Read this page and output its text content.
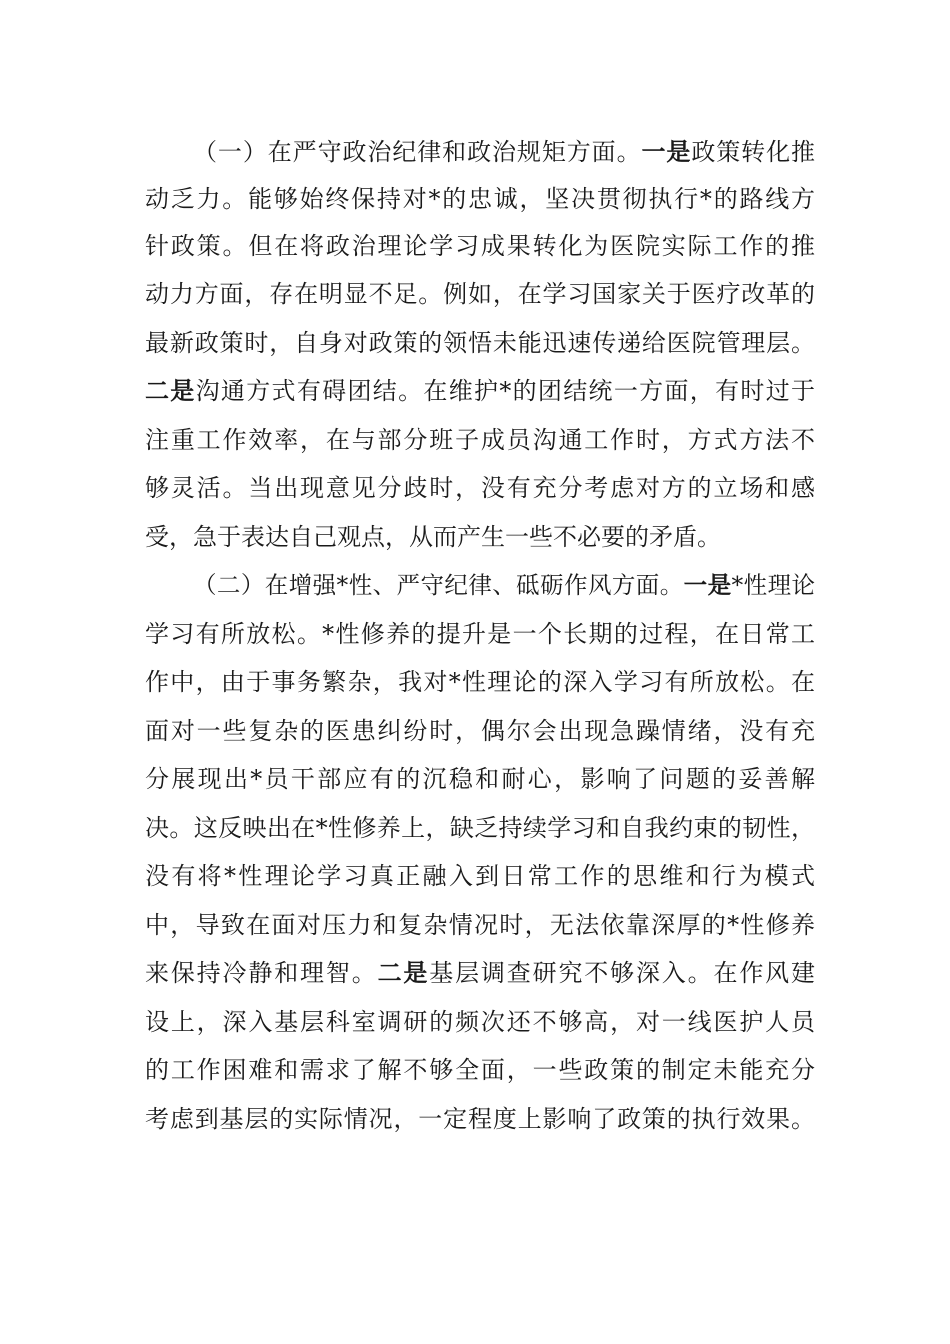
（一）在严守政治纪律和政治规矩方面。一是政策转化推
动乏力。能够始终保持对*的忠诚，坚决贯彻执行*的路线方
针政策。但在将政治理论学习成果转化为医院实际工作的推
动力方面，存在明显不足。例如，在学习国家关于医疗改革的
最新政策时，自身对政策的领悟未能迅速传递给医院管理层。
二是沟通方式有碍团结。在维护*的团结统一方面，有时过于
注重工作效率，在与部分班子成员沟通工作时，方式方法不
够灵活。当出现意见分歧时，没有充分考虑对方的立场和感
受，急于表达自己观点，从而产生一些不必要的矛盾。
（二）在增强*性、严守纪律、砥砺作风方面。一是*性理论
学习有所放松。*性修养的提升是一个长期的过程，在日常工
作中，由于事务繁杂，我对*性理论的深入学习有所放松。在
面对一些复杂的医患纠纷时，偶尔会出现急躁情绪，没有充
分展现出*员干部应有的沉稳和耐心，影响了问题的妥善解
决。这反映出在*性修养上，缺乏持续学习和自我约束的韧性，
没有将*性理论学习真正融入到日常工作的思维和行为模式
中，导致在面对压力和复杂情况时，无法依靠深厚的*性修养
来保持冷静和理智。二是基层调查研究不够深入。在作风建
设上，深入基层科室调研的频次还不够高，对一线医护人员
的工作困难和需求了解不够全面，一些政策的制定未能充分
考虑到基层的实际情况，一定程度上影响了政策的执行效果。
